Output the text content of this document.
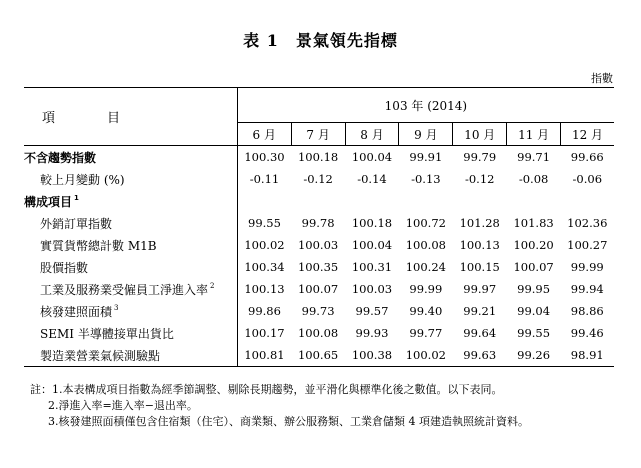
表 1　景氣領先指標
指數
項 目	103 年 (2014)						
	6 月	7 月	8 月	9 月	10 月	11 月	12 月
不含趨勢指數	100.30	100.18	100.04	99.91	99.79	99.71	99.66
較上月變動 (%)	-0.11	-0.12	-0.14	-0.13	-0.12	-0.08	-0.06
構成項目 $^1$	
外銷訂單指數	99.55	99.78	100.18	100.72	101.28	101.83	102.36
實質貨幣總計數 M1B	100.02	100.03	100.04	100.08	100.13	100.20	100.27
股價指數	100.34	100.35	100.31	100.24	100.15	100.07	99.99
工業及服務業受僱員工淨進入率 $^2$	100.13	100.07	100.03	99.99	99.97	99.95	99.94
核發建照面積 $^3$	99.86	99.73	99.57	99.40	99.21	99.04	98.86
SEMI 半導體接單出貨比	100.17	100.08	99.93	99.77	99.64	99.55	99.46
製造業營業氣候測驗點	100.81	100.65	100.38	100.02	99.63	99.26	98.91
註：1.本表構成項目指數為經季節調整、剔除長期趨勢，並平滑化與標準化後之數值。以下表同。
2.淨進入率=進入率−退出率。
3.核發建照面積僅包含住宿類（住宅）、商業類、辦公服務類、工業倉儲類 4 項建造執照統計資料。
